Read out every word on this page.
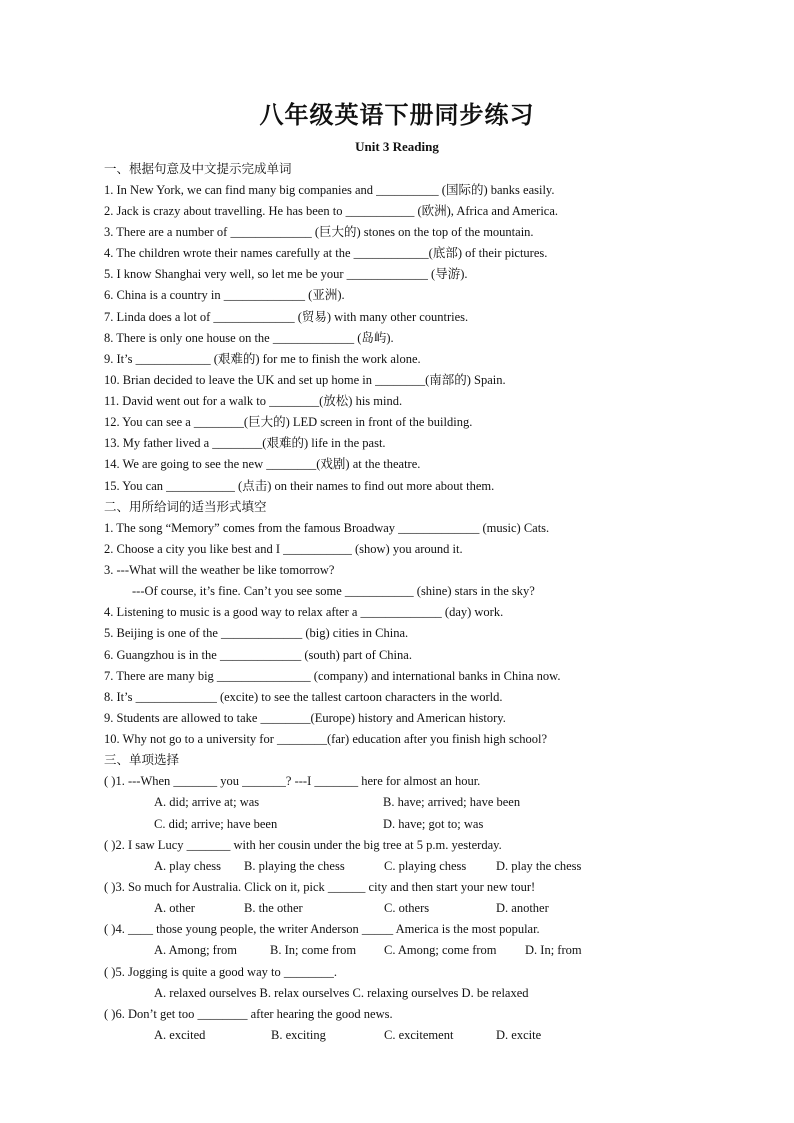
八年级英语下册同步练习
Unit 3 Reading
一、根据句意及中文提示完成单词
1. In New York, we can find many big companies and __________ (国际的) banks easily.
2. Jack is crazy about travelling. He has been to ___________ (欧洲), Africa and America.
3. There are a number of _____________ (巨大的) stones on the top of the mountain.
4. The children wrote their names carefully at the ____________(底部) of their pictures.
5. I know Shanghai very well, so let me be your _____________ (导游).
6. China is a country in _____________ (亚洲).
7. Linda does a lot of _____________ (贸易) with many other countries.
8. There is only one house on the _____________ (岛屿).
9. It’s ____________ (艰难的) for me to finish the work alone.
10. Brian decided to leave the UK and set up home in ________(南部的) Spain.
11. David went out for a walk to ________(放松) his mind.
12. You can see a ________(巨大的) LED screen in front of the building.
13. My father lived a ________(艰难的) life in the past.
14. We are going to see the new ________(戏剧) at the theatre.
15. You can ___________ (点击) on their names to find out more about them.
二、用所给词的适当形式填空
1. The song “Memory” comes from the famous Broadway _____________ (music) Cats.
2. Choose a city you like best and I ___________ (show) you around it.
3. ---What will the weather be like tomorrow?
---Of course, it’s fine. Can’t you see some ___________ (shine) stars in the sky?
4. Listening to music is a good way to relax after a _____________ (day) work.
5. Beijing is one of the _____________ (big) cities in China.
6. Guangzhou is in the _____________ (south) part of China.
7. There are many big _______________ (company) and international banks in China now.
8. It’s _____________ (excite) to see the tallest cartoon characters in the world.
9. Students are allowed to take ________(Europe) history and American history.
10. Why not go to a university for ________(far) education after you finish high school?
三、单项选择
( )1. ---When _______ you _______? ---I _______ here for almost an hour.
A. did; arrive at; was	B. have; arrived; have been
C. did; arrive; have been	D. have; got to; was
( )2. I saw Lucy _______ with her cousin under the big tree at 5 p.m. yesterday.
A. play chess B. playing the chess	C. playing chess D. play the chess
( )3. So much for Australia. Click on it, pick ______ city and then start your new tour!
A. other	B. the other	C. others	D. another
( )4. ____ those young people, the writer Anderson _____ America is the most popular.
A. Among; from	B. In; come from C. Among; come from D. In; from
( )5. Jogging is quite a good way to ________.
A. relaxed ourselves B. relax ourselves C. relaxing ourselves D. be relaxed
( )6. Don’t get too ________ after hearing the good news.
A. excited	B. exciting	C. excitement	D. excite
